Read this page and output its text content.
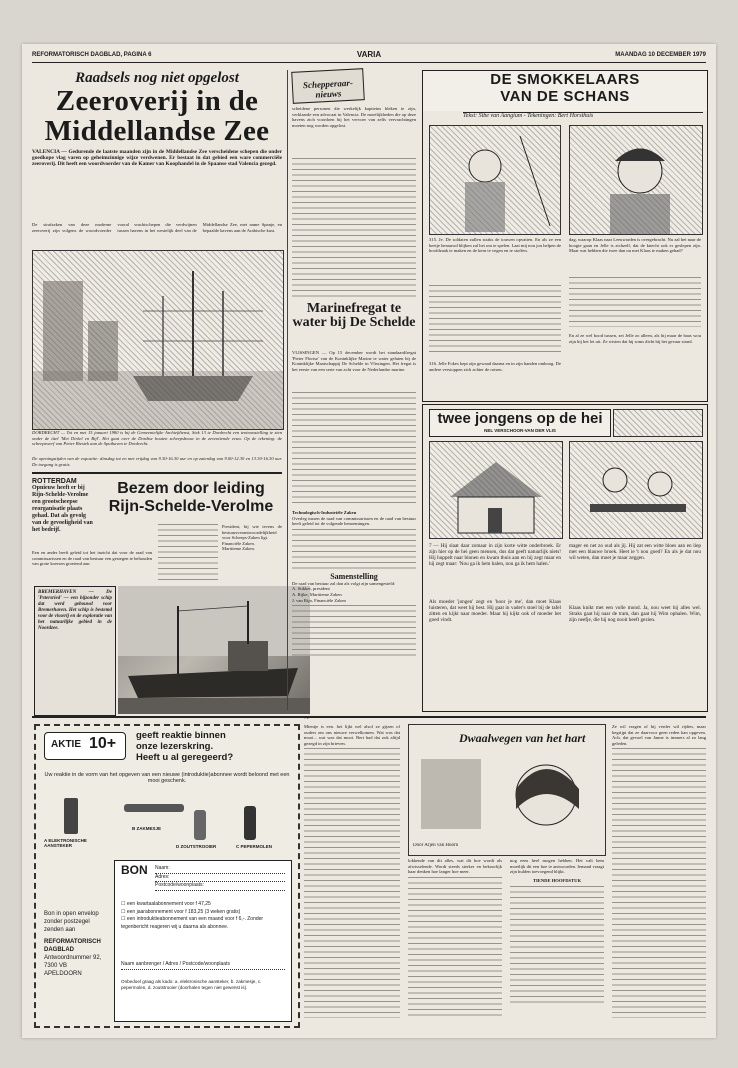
REFORMATORISCH DAGBLAD, PAGINA 6	VARIA	MAANDAG 10 DECEMBER 1979
Raadsels nog niet opgelost
Zeeroverij in de
Middellandse Zee
VALENCIA — Gedurende de laatste maanden zijn in de Middellandse Zee verscheidene schepen die onder goedkope vlag varen op geheimzinnige wijze verdwenen. Er bestaat in dat gebied een ware commerciële zeeroverij. Dit heeft een woordvoerder van de Kamer van Koophandel in de Spaanse stad Valencia gezegd.
De strafzaken van deze moderne zeeroverij zijn volgens de woordvoerder vooral vrachtschepen die verdwijnen tussen havens in het westelijk deel van de Middellandse Zee, met name Spanje, en bepaalde havens aan de Arabische kust.
DORDRECHT — Tot en met 15 januari 1980 is bij de Gemeentelijke Archiefdienst, Stek 13 te Dordrecht een tentoonstelling te zien onder de titel 'Met Dirkel en Bijl'. Het gaat over de Dordtse houten scheepsbouw in de zeventiende eeuw. Op de tekening: de scheepswerf van Pieter Biestek aan de Spuihaven te Dordrecht.
De openingstijden van de expositie: dinsdag tot en met vrijdag van 9.30-16.30 uur en op zaterdag van 9.00-12.30 en 13.30-16.30 uur. De toegang is gratis.
ROTTERDAM
Opnieuw heeft er bij Rijn-Schelde-Verolme een grootscheepse reorganisatie plaats gehad. Dat als gevolg van de gevoeligheid van het bedrijf.
Bezem door leiding
Rijn-Schelde-Verolme
Een en ander heeft geleid tot het inzicht dat voor de raad van commissarissen en de raad van bestuur een gestegen te behouden van grote koersen groeiend aan.
President, bij wie tevens de bestuursverantwoordelijkheid voor Scheeps-Zaken ligt.
Financiële Zaken.
Maritieme Zaken.
BREMERHAVEN — De 'Petersried' — een bijzonder schip dat werd gebouwd voor Bremerhaven. Het schip is bestemd voor de visserij en de exploratie van het natuurlijke gebied in de Noordzee.
Schepperaar-nieuws
scheidene personen die werkelijk kapiteins bleken te zijn, verklaarde een advocaat in Valencia. De moeilijkheden die op deze havens zich voordoen bij het vervoer van zelfs vervrachtingen moeten nog worden opgelost.
Marinefregat te water bij De Schelde
VLISSINGEN — Op 15 december wordt het standaardfregat 'Pieter Florisz' van de Koninklijke Marine te water gelaten bij de Koninklijke Maatschappij De Schelde in Vlissingen. Het fregat is het eerste van een serie van acht voor de Nederlandse marine.
Technologisch-Industriële Zaken
Overleg tussen de raad van commissarissen en de raad van bestuur heeft geleid tot de volgende benoemingen.
Samenstelling
De raad van bestuur zal dan als volgt zijn samengesteld:
A. Stikker, president
A. Rijke, Maritieme Zaken
J. van Rijn, Financiële Zaken
DE SMOKKELAARS
VAN DE SCHANS
Tekst: Sibe van Aangium - Tekeningen: Bert Horsthuis
315. Je. De soldaten zullen straks de touwen opvatten. En als ze een beetje benauwd blijken zal het om te spelen. Laat mij nou jou helpen de hoofdzaak te maken en de kern te vegen en te stoffen.
316. Jelle Fokes kept zijn gewaad daarna en in zijn handen omhoog. De andere verstoppen zich achter de rotsen.
dag, waarop Klaas naar Leeuwarden is overgebracht. Nu zal het naar de hoogte gaan en Jelle is zichzelf, dat de knecht ook er geslepen zijn. Maar wat hebben die twee dan nu met Klaas te maken gehad?
En al ze wel bood tussen, zei Jelle zo alleen, als hij maar de baas wou zijn hij het lei uit. Ze wisten dat hij soms dicht bij het gevaar stond.
twee jongens op de hei
NEL VERSCHOOR-VAN DER VLIS
7 — Hij slaat daar zomaar in zijn korte witte onderbroek. Er zijn hier op de hei geen mensen, dus dat geeft natuurlijk niets! Hij huppelt naar binnen en kwam thuis aan en hij zegt maar en hij zegt maar: 'Nou ga ik hem halen, nou ga ik hem halen.'
Als moeder 'jongen' zegt en 'hoor je me', dan moet Klaas luisteren, dat weet hij best. Hij gaat in vader's stoel bij de tafel zitten en kijkt naar moeder. Maar hij kijkt ook of moeder het goed vindt.
mager en net zo oud als jij. Hij zat een witte bloes aan en liep met een blauwe broek. Heet ie 't nou goed? En als je dat nou wil weten, dan moet je maar zeggen.
Klaas knikt met een volle mond. Ja, nou weet hij alles wel. Straks gaat hij naar de tram, dan gaat hij Wim ophalen. Wim, zijn neefje, die hij nog nooit heeft gezien.
AKTIE 10+ geeft reaktie binnen
onze lezerskring.
Heeft u al geregeerd?
Uw reaktie in de vorm van het opgeven van een nieuwe (introduktie)abonnee wordt beloond met een mooi geschenk.
A ELEKTRONISCHE AANSTEKER
B ZAKMESJE
D ZOUTSTROOIER	C PEPERMOLEN
Bon in open envelop zonder postzegel zenden aan
REFORMATORISCH DAGBLAD
Antwoordnummer 92,
7300 VB APELDOORN
BON Naam:
Adres:
Postcode/woonplaats:
☐ een kwartaalabonnement voor f 47,25
☐ een jaarabonnement voor f 183,25 (3 weken gratis)
☐ een introduktieabonnement van een maand voor f 6,-. Zonder tegenbericht reageren wij u daarna als abonnee.
Naam aanbrenger / Adres / Postcode/woonplaats
Onbedoel graag als kado: a. elektronische aansteker, b. zakmesje, c. pepermolen, d. zoutstrooier (doorhalen tegen niet gewenst is).
Mientje is een. het lijkt wel alsof ze gijzen of ouders om ons nieuwe verwelkomen. Wat was dat mooi... wat was dat mooi. Bert had dat ook altijd gezegd in zijn brieven.	Dwaalwegen van het hart
Door Arjen van Hoorn
lokkende van dit alles, wat dit hoe wordt als afwisselende. Wordt steeds sterker en bekoorlijk haar denken hoe langer hoe meer.
nog eens heel mogen hebben. Het valt hem moeilijk dit een hoe te antwoorden. Iemand vraagt zijn hulden toevoegend blijkt.
TIENDE HOOFDSTUK
Ze wil vragen of hij verder wil rijden, maar begrijpt dat ze daarvoor geen reden kan opgeven. Ach, dat gevoel van Janne is immers al zo lang geleden.
71
